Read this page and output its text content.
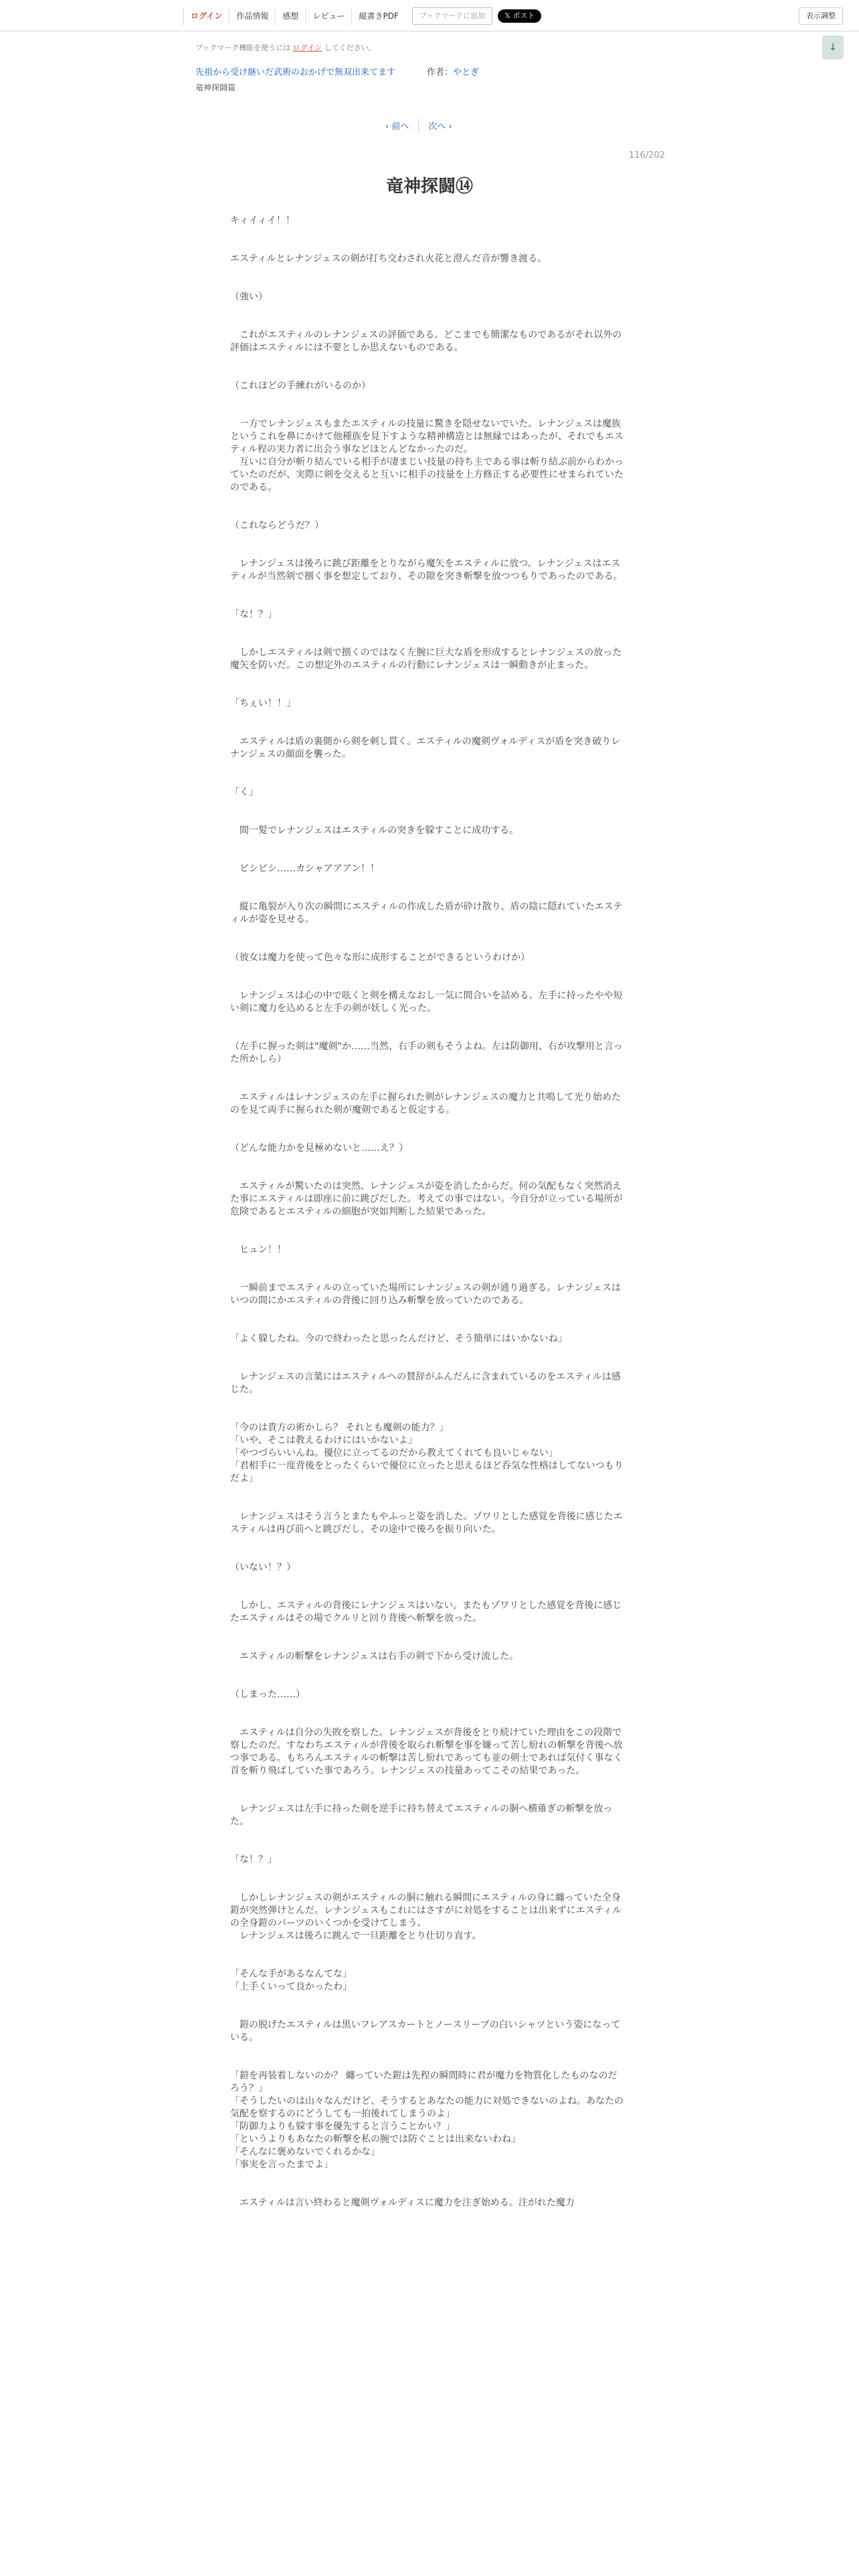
ログイン	作品情報	感想	レビュー	縦書きPDF	ブックマークに追加	𝕏 ポスト	表示調整
↓
ブックマーク機能を使うには ログイン してください。
先祖から受け継いだ武術のおかげで無双出来てます	作者：やとぎ
竜神探闘篇
‹ 前へ 次へ ›
116/202
竜神探闘⑭

キィイィイ！！

エスティルとレナンジェスの剣が打ち交わされ火花と澄んだ音が響き渡る。

（強い）

　これがエスティルのレナンジェスの評価である。どこまでも簡潔なものであるがそれ以外の評価はエスティルには不要としか思えないものである。

（これほどの手練れがいるのか）

　一方でレナンジェスもまたエスティルの技量に驚きを隠せないでいた。レナンジェスは魔族というこれを鼻にかけて他種族を見下すような精神構造とは無縁ではあったが、それでもエスティル程の実力者に出会う事などほとんどなかったのだ。

　互いに自分が斬り結んでいる相手が凄まじい技量の持ち主である事は斬り結ぶ前からわかっていたのだが、実際に剣を交えると互いに相手の技量を上方修正する必要性にせまられていたのである。

（これならどうだ？）

　レナンジェスは後ろに跳び距離をとりながら魔矢をエスティルに放つ。レナンジェスはエスティルが当然剣で捌く事を想定しており、その隙を突き斬撃を放つつもりであったのである。

「な！？」

　しかしエスティルは剣で捌くのではなく左腕に巨大な盾を形成するとレナンジェスの放った魔矢を防いだ。この想定外のエスティルの行動にレナンジェスは一瞬動きが止まった。

「ちぇい！！」

　エスティルは盾の裏側から剣を刺し貫く。エスティルの魔剣ヴォルディスが盾を突き破りレナンジェスの顔面を襲った。

「く」

　間一髪でレナンジェスはエスティルの突きを躱すことに成功する。

　ビシビシ……カシャアアアン！！

　縦に亀裂が入り次の瞬間にエスティルの作成した盾が砕け散り、盾の陰に隠れていたエスティルが姿を見せる。

（彼女は魔力を使って色々な形に成形することができるというわけか）

　レナンジェスは心の中で呟くと剣を構えなおし一気に間合いを詰める。左手に持ったやや短い剣に魔力を込めると左手の剣が妖しく光った。

（左手に握った剣は"魔剣"か……当然、右手の剣もそうよね。左は防御用、右が攻撃用と言った所かしら）

　エスティルはレナンジェスの左手に握られた剣がレナンジェスの魔力と共鳴して光り始めたのを見て両手に握られた剣が魔剣であると仮定する。

（どんな能力かを見極めないと……え？）

　エスティルが驚いたのは突然、レナンジェスが姿を消したからだ。何の気配もなく突然消えた事にエスティルは即座に前に跳びだした。考えての事ではない。今自分が立っている場所が危険であるとエスティルの細胞が突如判断した結果であった。

　ヒュン！！

　一瞬前までエスティルの立っていた場所にレナンジェスの剣が通り過ぎる。レナンジェスはいつの間にかエスティルの背後に回り込み斬撃を放っていたのである。

「よく躱したね。今ので終わったと思ったんだけど、そう簡単にはいかないね」

　レナンジェスの言葉にはエスティルへの賛辞がふんだんに含まれているのをエスティルは感じた。

「今のは貴方の術かしら？ それとも魔剣の能力？」

「いや、そこは教えるわけにはいかないよ」

「やつづらいいんね。優位に立ってるのだから教えてくれても良いじゃない」

「君相手に一度背後をとったくらいで優位に立ったと思えるほど呑気な性格はしてないつもりだよ」

　レナンジェスはそう言うとまたもやふっと姿を消した。ゾワリとした感覚を背後に感じたエスティルは再び前へと跳びだし、その途中で後ろを振り向いた。

（いない！？）

　しかし、エスティルの背後にレナンジェスはいない。またもゾワリとした感覚を背後に感じたエスティルはその場でクルリと回り背後へ斬撃を放った。

　エスティルの斬撃をレナンジェスは右手の剣で下から受け流した。

（しまった……）

　エスティルは自分の失敗を察した。レナンジェスが背後をとり続けていた理由をこの段階で察したのだ。すなわちエスティルが背後を取られ斬撃を事を嫌って苦し紛れの斬撃を背後へ放つ事である。もちろんエスティルの斬撃は苦し紛れであっても並の剣士であれば気付く事なく首を斬り飛ばしていた事であろう。レナンジェスの技量あってこその結果であった。

　レナンジェスは左手に持った剣を逆手に持ち替えてエスティルの胴へ横薙ぎの斬撃を放った。

「な！？」

　しかしレナンジェスの剣がエスティルの胴に触れる瞬間にエスティルの身に纏っていた全身鎧が突然弾けとんだ。レナンジェスもこれにはさすがに対処をすることは出来ずにエスティルの全身鎧のパーツのいくつかを受けてしまう。

　レナンジェスは後ろに跳んで一旦距離をとり仕切り直す。

「そんな手があるなんてな」

「上手くいって良かったわ」

　鎧の脱げたエスティルは黒いフレアスカートとノースリーブの白いシャツという姿になっている。

「鎧を再装着しないのか？ 纏っていた鎧は先程の瞬間時に君が魔力を物質化したものなのだろう？」

「そうしたいのは山々なんだけど、そうするとあなたの能力に対処できないのよね。あなたの気配を察するのにどうしても一拍後れてしまうのよ」

「防御力よりも躱す事を優先すると言うことかい？」

「というよりもあなたの斬撃を私の腕では防ぐことは出来ないわね」

「そんなに褒めないでくれるかな」

「事実を言ったまでよ」

　エスティルは言い終わると魔剣ヴォルディスに魔力を注ぎ始める。注がれた魔力
